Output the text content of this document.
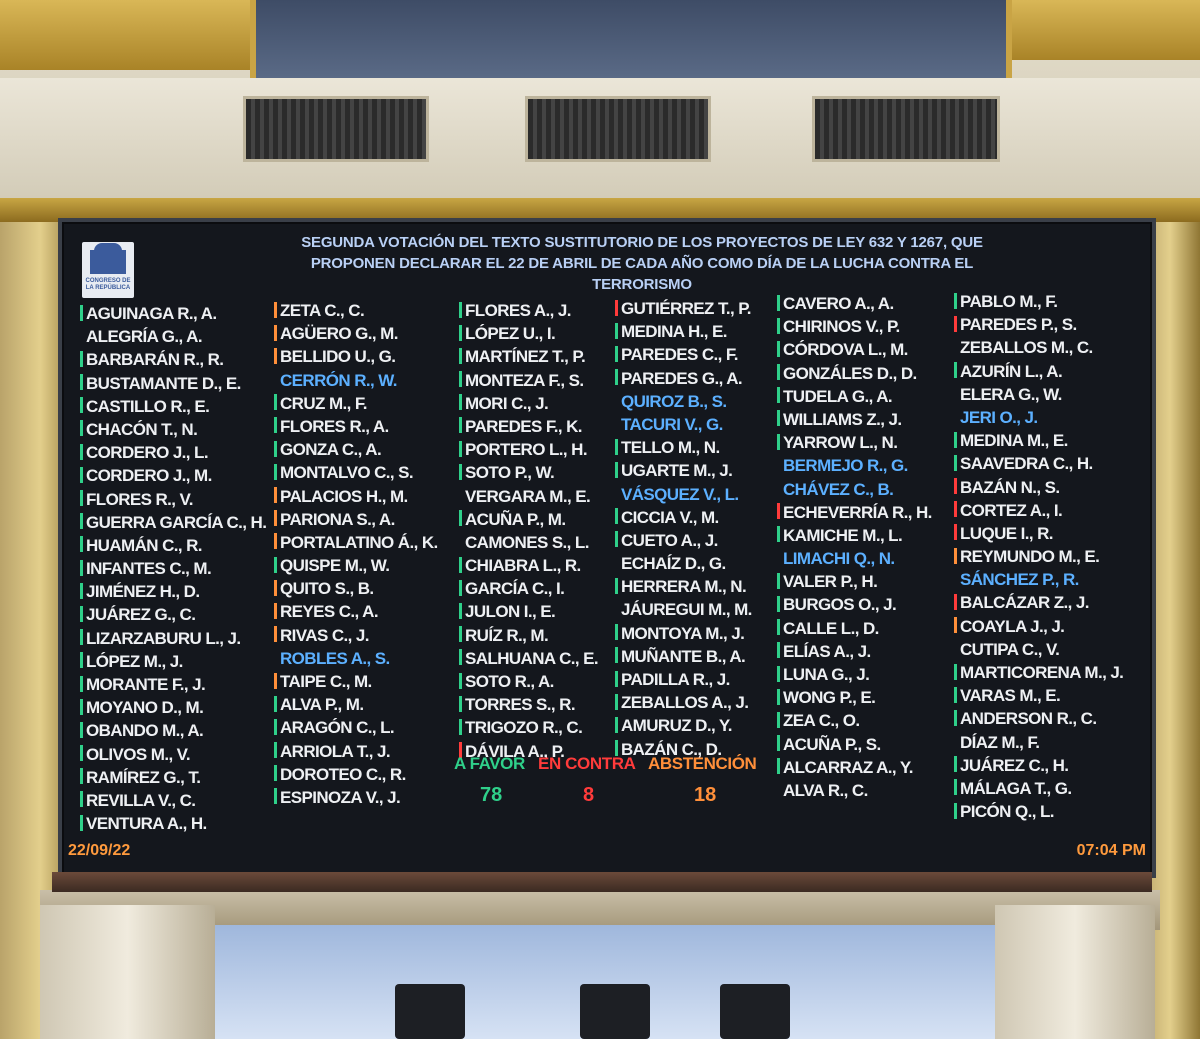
CONGRESO DE LA REPÚBLICA
SEGUNDA VOTACIÓN DEL TEXTO SUSTITUTORIO DE LOS PROYECTOS DE LEY 632 Y 1267, QUE
PROPONEN DECLARAR EL 22 DE ABRIL DE CADA AÑO COMO DÍA DE LA LUCHA CONTRA EL
TERRORISMO
AGUINAGA R., A.
ALEGRÍA G., A.
BARBARÁN R., R.
BUSTAMANTE D., E.
CASTILLO R., E.
CHACÓN T., N.
CORDERO J., L.
CORDERO J., M.
FLORES R., V.
GUERRA GARCÍA C., H.
HUAMÁN C., R.
INFANTES C., M.
JIMÉNEZ H., D.
JUÁREZ G., C.
LIZARZABURU L., J.
LÓPEZ M., J.
MORANTE F., J.
MOYANO D., M.
OBANDO M., A.
OLIVOS M., V.
RAMÍREZ G., T.
REVILLA V., C.
VENTURA A., H.
ZETA C., C.
AGÜERO G., M.
BELLIDO U., G.
CERRÓN R., W.
CRUZ M., F.
FLORES R., A.
GONZA C., A.
MONTALVO C., S.
PALACIOS H., M.
PARIONA S., A.
PORTALATINO Á., K.
QUISPE M., W.
QUITO S., B.
REYES C., A.
RIVAS C., J.
ROBLES A., S.
TAIPE C., M.
ALVA P., M.
ARAGÓN C., L.
ARRIOLA T., J.
DOROTEO C., R.
ESPINOZA V., J.
FLORES A., J.
LÓPEZ U., I.
MARTÍNEZ T., P.
MONTEZA F., S.
MORI C., J.
PAREDES F., K.
PORTERO L., H.
SOTO P., W.
VERGARA M., E.
ACUÑA P., M.
CAMONES S., L.
CHIABRA L., R.
GARCÍA C., I.
JULON I., E.
RUÍZ R., M.
SALHUANA C., E.
SOTO R., A.
TORRES S., R.
TRIGOZO R., C.
DÁVILA A., P.
GUTIÉRREZ T., P.
MEDINA H., E.
PAREDES C., F.
PAREDES G., A.
QUIROZ B., S.
TACURI V., G.
TELLO M., N.
UGARTE M., J.
VÁSQUEZ V., L.
CICCIA V., M.
CUETO A., J.
ECHAÍZ D., G.
HERRERA M., N.
JÁUREGUI M., M.
MONTOYA M., J.
MUÑANTE B., A.
PADILLA R., J.
ZEBALLOS A., J.
AMURUZ D., Y.
BAZÁN C., D.
CAVERO A., A.
CHIRINOS V., P.
CÓRDOVA L., M.
GONZÁLES D., D.
TUDELA G., A.
WILLIAMS Z., J.
YARROW L., N.
BERMEJO R., G.
CHÁVEZ C., B.
ECHEVERRÍA R., H.
KAMICHE M., L.
LIMACHI Q., N.
VALER P., H.
BURGOS O., J.
CALLE L., D.
ELÍAS A., J.
LUNA G., J.
WONG P., E.
ZEA C., O.
ACUÑA P., S.
ALCARRAZ A., Y.
ALVA R., C.
PABLO M., F.
PAREDES P., S.
ZEBALLOS M., C.
AZURÍN L., A.
ELERA G., W.
JERI O., J.
MEDINA M., E.
SAAVEDRA C., H.
BAZÁN N., S.
CORTEZ A., I.
LUQUE I., R.
REYMUNDO M., E.
SÁNCHEZ P., R.
BALCÁZAR Z., J.
COAYLA J., J.
CUTIPA C., V.
MARTICORENA M., J.
VARAS M., E.
ANDERSON R., C.
DÍAZ M., F.
JUÁREZ C., H.
MÁLAGA T., G.
PICÓN Q., L.
A FAVOR EN CONTRA ABSTENCIÓN
78	8	18
22/09/22	07:04 PM
